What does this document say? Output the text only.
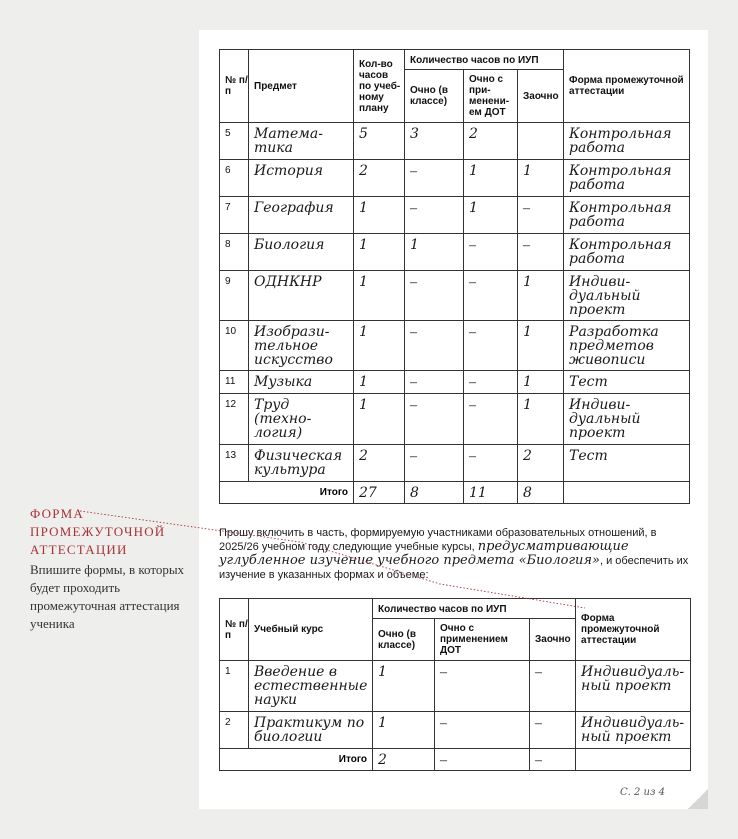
№ п/п	Предмет	Кол-во часов по учебному плану	Количество часов по ИУП			Форма промежуточной аттестации
			Очно (в классе)	Очно с применением ДОТ	Заочно	
5	Математика	5	3	2		Контрольная работа
6	История	2	–	1	1	Контрольная работа
7	География	1	–	1	–	Контрольная работа
8	Биология	1	1	–	–	Контрольная работа
9	ОДНКНР	1	–	–	1	Индивидуальный проект
10	Изобразительное искусство	1	–	–	1	Разработка предметов живописи
11	Музыка	1	–	–	1	Тест
12	Труд (технология)	1	–	–	1	Индивидуальный проект
13	Физическая культура	2	–	–	2	Тест
Итого		27	8	11	8	
Прошу включить в часть, формируемую участниками образовательных отношений, в 2025/26 учебном году следующие учебные курсы, предусматривающие углубленное изучение учебного предмета «Биология», и обеспечить их изучение в указанных формах и объеме:
№ п/п	Учебный курс	Количество часов по ИУП			Форма промежуточной аттестации
		Очно (в классе)	Очно с применением ДОТ	Заочно	
1	Введение в естественные науки	1	–	–	Индивидуальный проект
2	Практикум по биологии	1	–	–	Индивидуальный проект
Итого		2	–	–	
ФОРМА ПРОМЕЖУТОЧНОЙ АТТЕСТАЦИИ
Впишите формы, в которых будет проходить промежуточная аттестация ученика
С. 2 из 4
